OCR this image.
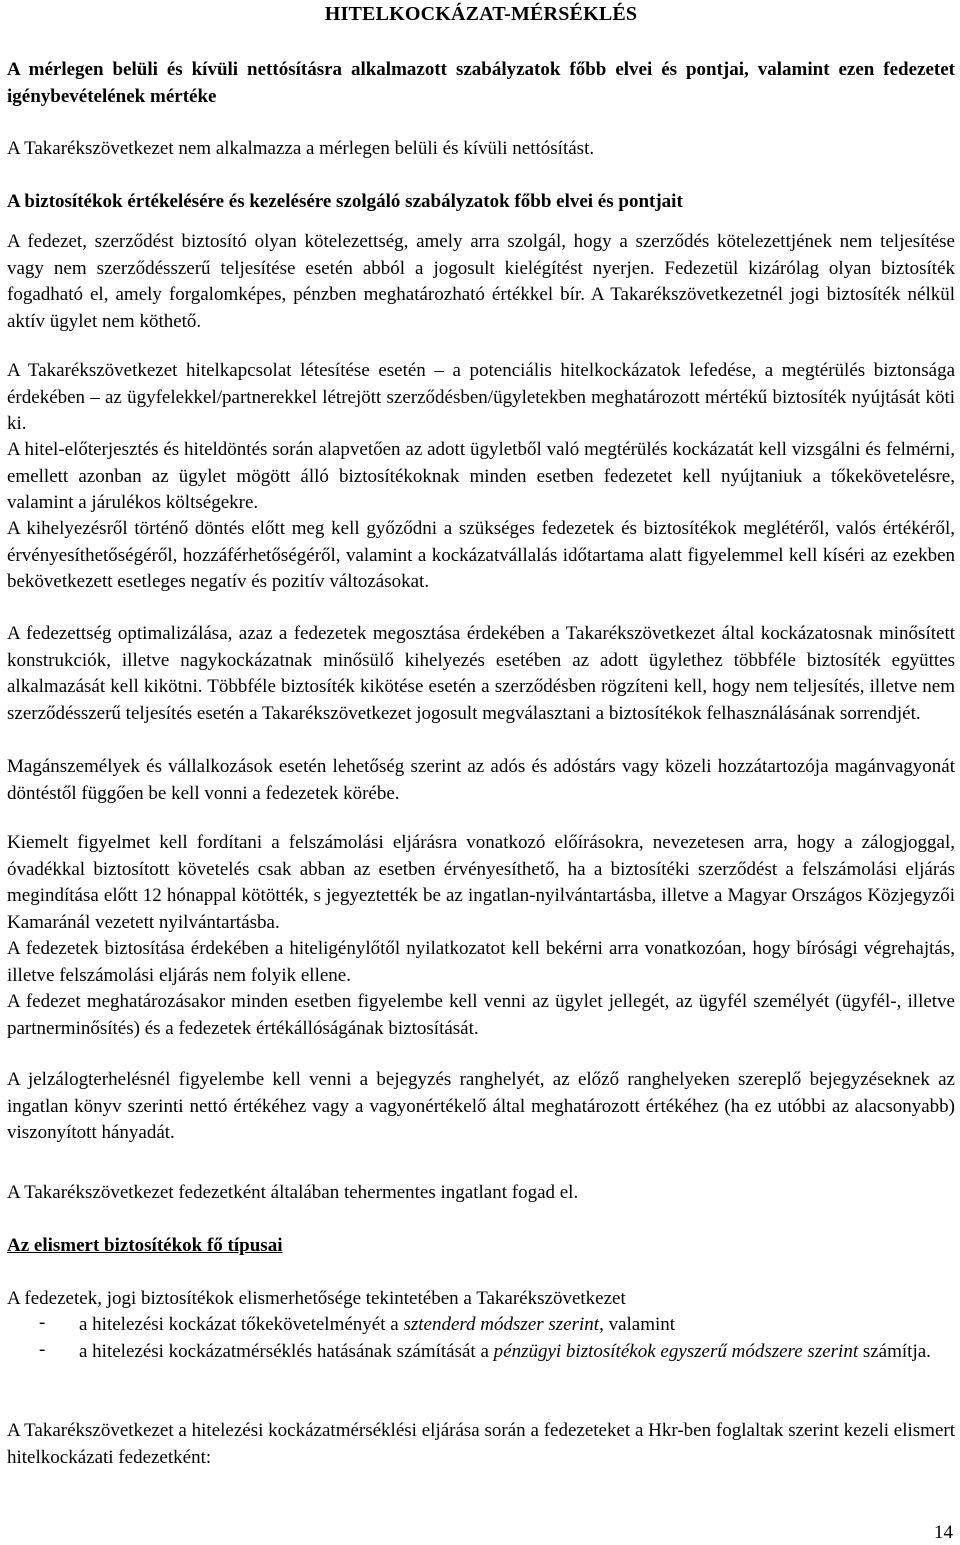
HITELKOCKÁZAT-MÉRSÉKLÉS

A mérlegen belüli és kívüli nettósításra alkalmazott szabályzatok főbb elvei és pontjai, valamint ezen fedezetet igénybevételének mértéke

A Takarékszövetkezet nem alkalmazza a mérlegen belüli és kívüli nettósítást.

A biztosítékok értékelésére és kezelésére szolgáló szabályzatok főbb elvei és pontjait

A fedezet, szerződést biztosító olyan kötelezettség, amely arra szolgál, hogy a szerződés kötelezettjének nem teljesítése vagy nem szerződésszerű teljesítése esetén abból a jogosult kielégítést nyerjen. Fedezetül kizárólag olyan biztosíték fogadható el, amely forgalomképes, pénzben meghatározható értékkel bír. A Takarékszövetkezetnél jogi biztosíték nélkül aktív ügylet nem köthető.

A Takarékszövetkezet hitelkapcsolat létesítése esetén – a potenciális hitelkockázatok lefedése, a megtérülés biztonsága érdekében – az ügyfelekkel/partnerekkel létrejött szerződésben/ügyletekben meghatározott mértékű biztosíték nyújtását köti ki.

A hitel-előterjesztés és hiteldöntés során alapvetően az adott ügyletből való megtérülés kockázatát kell vizsgálni és felmérni, emellett azonban az ügylet mögött álló biztosítékoknak minden esetben fedezetet kell nyújtaniuk a tőkekövetelésre, valamint a járulékos költségekre.

A kihelyezésről történő döntés előtt meg kell győződni a szükséges fedezetek és biztosítékok meglétéről, valós értékéről, érvényesíthetőségéről, hozzáférhetőségéről, valamint a kockázatvállalás időtartama alatt figyelemmel kell kíséri az ezekben bekövetkezett esetleges negatív és pozitív változásokat.

A fedezettség optimalizálása, azaz a fedezetek megosztása érdekében a Takarékszövetkezet által kockázatosnak minősített konstrukciók, illetve nagykockázatnak minősülő kihelyezés esetében az adott ügylethez többféle biztosíték együttes alkalmazását kell kikötni. Többféle biztosíték kikötése esetén a szerződésben rögzíteni kell, hogy nem teljesítés, illetve nem szerződésszerű teljesítés esetén a Takarékszövetkezet jogosult megválasztani a biztosítékok felhasználásának sorrendjét.

Magánszemélyek és vállalkozások esetén lehetőség szerint az adós és adóstárs vagy közeli hozzátartozója magánvagyonát döntéstől függően be kell vonni a fedezetek körébe.

Kiemelt figyelmet kell fordítani a felszámolási eljárásra vonatkozó előírásokra, nevezetesen arra, hogy a zálogjoggal, óvadékkal biztosított követelés csak abban az esetben érvényesíthető, ha a biztosítéki szerződést a felszámolási eljárás megindítása előtt 12 hónappal kötötték, s jegyeztették be az ingatlan-nyilvántartásba, illetve a Magyar Országos Közjegyzői Kamaránál vezetett nyilvántartásba.

A fedezetek biztosítása érdekében a hiteligénylőtől nyilatkozatot kell bekérni arra vonatkozóan, hogy bírósági végrehajtás, illetve felszámolási eljárás nem folyik ellene.

A fedezet meghatározásakor minden esetben figyelembe kell venni az ügylet jellegét, az ügyfél személyét (ügyfél-, illetve partnerminősítés) és a fedezetek értékállóságának biztosítását.

A jelzálogterhelésnél figyelembe kell venni a bejegyzés ranghelyét, az előző ranghelyeken szereplő bejegyzéseknek az ingatlan könyv szerinti nettó értékéhez vagy a vagyonértékelő által meghatározott értékéhez (ha ez utóbbi az alacsonyabb) viszonyított hányadát.

A Takarékszövetkezet fedezetként általában tehermentes ingatlant fogad el.

Az elismert biztosítékok fő típusai

A fedezetek, jogi biztosítékok elismerhetősége tekintetében a Takarékszövetkezet

- a hitelezési kockázat tőkekövetelményét a sztenderd módszer szerint, valamint

- a hitelezési kockázatmérséklés hatásának számítását a pénzügyi biztosítékok egyszerű módszere szerint számítja.

A Takarékszövetkezet a hitelezési kockázatmérséklési eljárása során a fedezeteket a Hkr-ben foglaltak szerint kezeli elismert hitelkockázati fedezetként:

14
